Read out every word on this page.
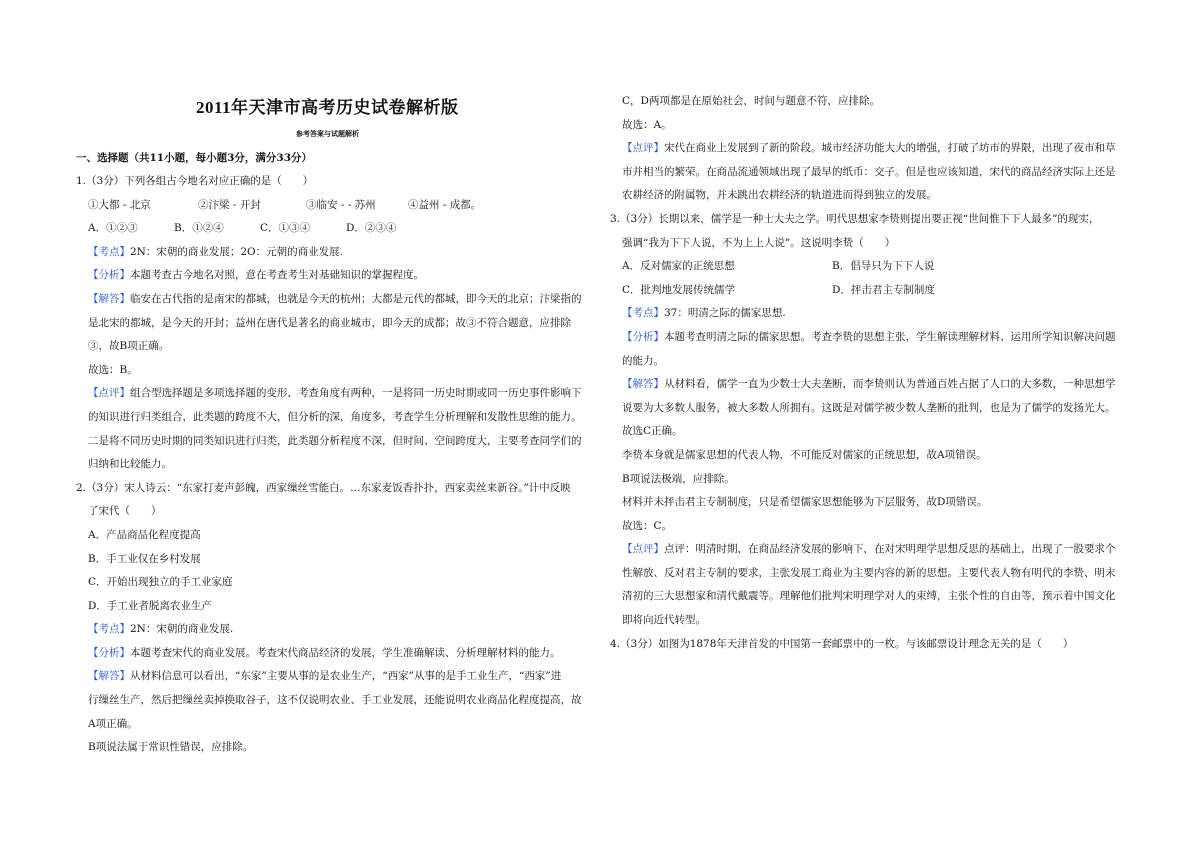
2011年天津市高考历史试卷解析版
参考答案与试题解析
一、选择题（共11小题，每小题3分，满分33分）

1.（3分）下列各组古今地名对应正确的是（　　）

①大都 - 北京	②汴梁 - 开封	③临安 - - 苏州	④益州 - 成都。
A．①②③	B．①②④	C．①③④	D．②③④

【考点】2N：宋朝的商业发展；2O：元朝的商业发展.

【分析】本题考查古今地名对照，意在考查考生对基础知识的掌握程度。

【解答】临安在古代指的是南宋的都城，也就是今天的杭州；大都是元代的都城，即今天的北京；汴梁指的

是北宋的都城，是今天的开封；益州在唐代是著名的商业城市，即今天的成都；故③不符合题意，应排除

③，故B项正确。

故选：B。

【点评】组合型选择题是多项选择题的变形，考查角度有两种，一是将同一历史时期或同一历史事件影响下

的知识进行归类组合，此类题的跨度不大，但分析的深，角度多，考查学生分析理解和发散性思维的能力。

二是将不同历史时期的同类知识进行归类，此类题分析程度不深，但时间、空间跨度大，主要考查同学们的

归纳和比较能力。

2.（3分）宋人诗云：“东家打麦声彭魄，西家缫丝雪能白。…东家麦饭香扑扑，西家卖丝来新谷。”计中反映

了宋代（　　）

A．产品商品化程度提高

B．手工业仅在乡村发展

C．开始出现独立的手工业家庭

D．手工业者脱离农业生产

【考点】2N：宋朝的商业发展.

【分析】本题考查宋代的商业发展。考查宋代商品经济的发展，学生准确解读、分析理解材料的能力。

【解答】从材料信息可以看出，“东家”主要从事的是农业生产，“西家”从事的是手工业生产，“西家”进

行缫丝生产，然后把缫丝卖掉换取谷子，这不仅说明农业、手工业发展，还能说明农业商品化程度提高，故

A项正确。

B项说法属于常识性错误，应排除。

C，D两项都是在原始社会，时间与题意不符，应排除。

故选：A。

【点评】宋代在商业上发展到了新的阶段。城市经济功能大大的增强，打破了坊市的界限，出现了夜市和草

市并相当的繁荣。在商品流通领域出现了最早的纸币：交子。但是也应该知道，宋代的商品经济实际上还是

农耕经济的附属物，并未跳出农耕经济的轨道进而得到独立的发展。

3.（3分）长期以来，儒学是一种士大夫之学。明代思想家李贽则提出要正视“世间惟下下人最多”的现实，

强调“我为下下人说，不为上上人说”。这说明李贽（　　）

A．反对儒家的正统思想	B．倡导只为下下人说
C．批判地发展传统儒学	D．抨击君主专制制度

【考点】37：明清之际的儒家思想.

【分析】本题考查明清之际的儒家思想。考查李贽的思想主张，学生解读理解材料、运用所学知识解决问题

的能力。

【解答】从材料看，儒学一直为少数士大夫垄断，而李贽则认为普通百姓占据了人口的大多数，一种思想学

说要为大多数人服务，被大多数人所拥有。这既是对儒学被少数人垄断的批判，也是为了儒学的发扬光大。

故选C正确。

李贽本身就是儒家思想的代表人物，不可能反对儒家的正统思想，故A项错误。

B项说法极端，应排除。

材料并未抨击君主专制制度，只是希望儒家思想能够为下层服务，故D项错误。

故选：C。

【点评】点评：明清时期，在商品经济发展的影响下，在对宋明理学思想反思的基础上，出现了一股要求个

性解放、反对君主专制的要求，主张发展工商业为主要内容的新的思想。主要代表人物有明代的李贽、明末

清初的三大思想家和清代戴震等。理解他们批判宋明理学对人的束缚，主张个性的自由等，预示着中国文化

即将向近代转型。

4.（3分）如图为1878年天津首发的中国第一套邮票中的一枚。与该邮票设计理念无关的是（　　）
